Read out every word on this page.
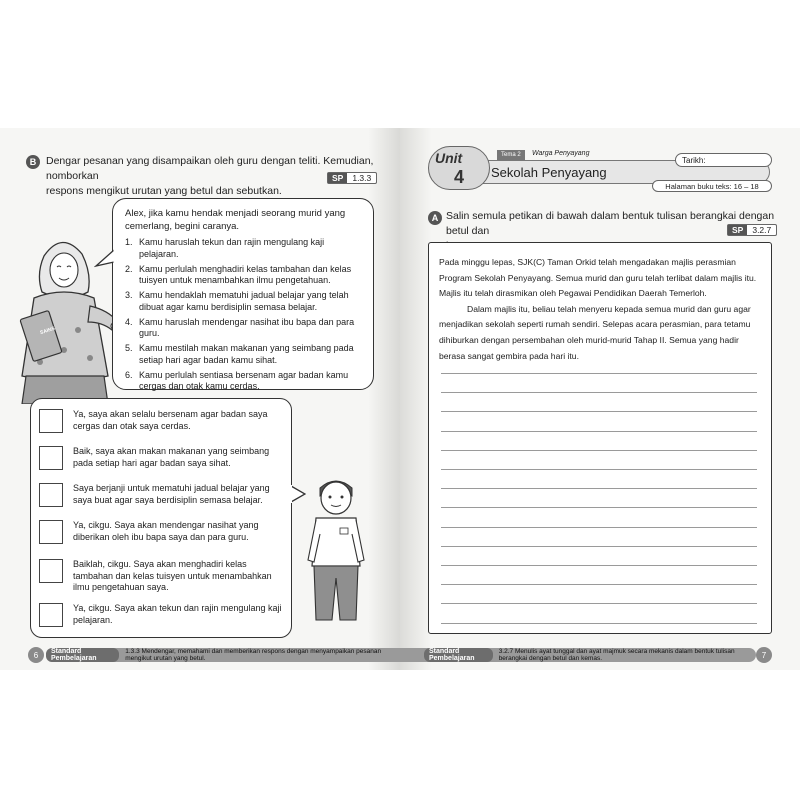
B Dengar pesanan yang disampaikan oleh guru dengan teliti. Kemudian, nomborkan
respons mengikut urutan yang betul dan sebutkan.
SP	1.3.3
SAINS
Alex, jika kamu hendak menjadi seorang murid yang cemerlang, begini caranya.
1. Kamu haruslah tekun dan rajin mengulang kaji pelajaran.
2. Kamu perlulah menghadiri kelas tambahan dan kelas tuisyen untuk menambahkan ilmu pengetahuan.
3. Kamu hendaklah mematuhi jadual belajar yang telah dibuat agar kamu berdisiplin semasa belajar.
4. Kamu haruslah mendengar nasihat ibu bapa dan para guru.
5. Kamu mestilah makan makanan yang seimbang pada setiap hari agar badan kamu sihat.
6. Kamu perlulah sentiasa bersenam agar badan kamu cergas dan otak kamu cerdas.
Ya, saya akan selalu bersenam agar badan saya cergas dan otak saya cerdas.
Baik, saya akan makan makanan yang seimbang pada setiap hari agar badan saya sihat.
Saya berjanji untuk mematuhi jadual belajar yang saya buat agar saya berdisiplin semasa belajar.
Ya, cikgu. Saya akan mendengar nasihat yang diberikan oleh ibu bapa saya dan para guru.
Baiklah, cikgu. Saya akan menghadiri kelas tambahan dan kelas tuisyen untuk menambahkan ilmu pengetahuan saya.
Ya, cikgu. Saya akan tekun dan rajin mengulang kaji pelajaran.
6	Standard Pembelajaran
1.3.3 Mendengar, memahami dan memberikan respons dengan menyampaikan pesanan mengikut urutan yang betul.
Sekolah Penyayang
Unit
4
Tema 2	Warga Penyayang
Tarikh:
Halaman buku teks: 16 – 18
A Salin semula petikan di bawah dalam bentuk tulisan berangkai dengan betul dan	SP	3.2.7

Pada minggu lepas, SJK(C) Taman Orkid telah mengadakan majlis perasmian Program Sekolah Penyayang. Semua murid dan guru telah terlibat dalam majlis itu. Majlis itu telah dirasmikan oleh Pegawai Pendidikan Daerah Temerloh.

Dalam majlis itu, beliau telah menyeru kepada semua murid dan guru agar menjadikan sekolah seperti rumah sendiri. Selepas acara perasmian, para tetamu dihiburkan dengan persembahan oleh murid-murid Tahap II. Semua yang hadir berasa sangat gembira pada hari itu.

Standard Pembelajaran
3.2.7 Menulis ayat tunggal dan ayat majmuk secara mekanis dalam bentuk tulisan berangkai dengan betul dan kemas.	7
